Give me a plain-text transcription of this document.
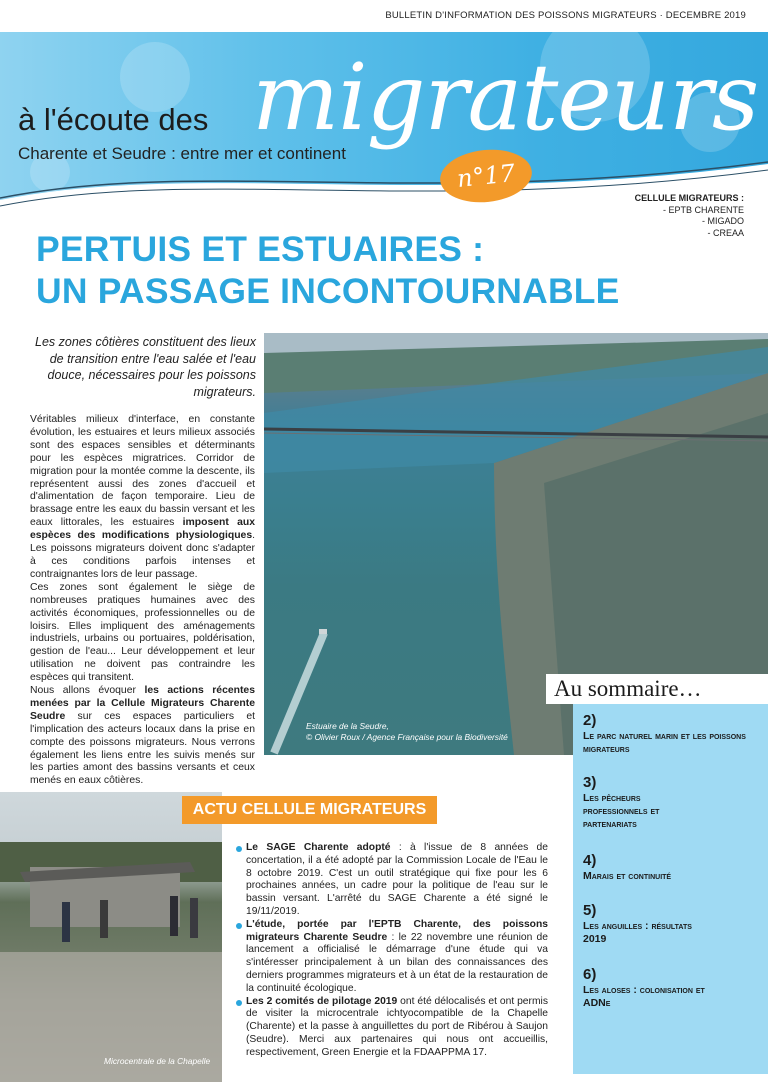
BULLETIN D'INFORMATION DES POISSONS MIGRATEURS · DECEMBRE 2019
à l'écoute des migrateurs
Charente et Seudre : entre mer et continent
n°17
CELLULE MIGRATEURS :
- EPTB CHARENTE
- MIGADO
- CREAA
PERTUIS ET ESTUAIRES :
UN PASSAGE INCONTOURNABLE
Les zones côtières constituent des lieux de transition entre l'eau salée et l'eau douce, nécessaires pour les poissons migrateurs.

Véritables milieux d'interface, en constante évolution, les estuaires et leurs milieux associés sont des espaces sensibles et déterminants pour les espèces migratrices. Corridor de migration pour la montée comme la descente, ils représentent aussi des zones d'accueil et d'alimentation de façon temporaire. Lieu de brassage entre les eaux du bassin versant et les eaux littorales, les estuaires imposent aux espèces des modifications physiologiques. Les poissons migrateurs doivent donc s'adapter à ces conditions parfois intenses et contraignantes lors de leur passage.

Ces zones sont également le siège de nombreuses pratiques humaines avec des activités économiques, professionnelles ou de loisirs. Elles impliquent des aménagements industriels, urbains ou portuaires, poldérisation, gestion de l'eau... Leur développement et leur utilisation ne doivent pas contraindre les espèces qui transitent.

Nous allons évoquer les actions récentes menées par la Cellule Migrateurs Charente Seudre sur ces espaces particuliers et l'implication des acteurs locaux dans la prise en compte des poissons migrateurs. Nous verrons également les liens entre les suivis menés sur les parties amont des bassins versants et ceux menés en eaux côtières.

Estuaire de la Seudre,
© Olivier Roux / Agence Française pour la Biodiversité
Au sommaire…
2)
Le parc naturel marin et les poissons migrateurs
3)
Les pêcheurs professionnels et partenariats
4)
Marais et continuité
5)
Les anguilles : résultats 2019
6)
Les aloses : colonisation et ADNe
Microcentrale de la Chapelle
ACTU CELLULE MIGRATEURS

Le SAGE Charente adopté : à l'issue de 8 années de concertation, il a été adopté par la Commission Locale de l'Eau le 8 octobre 2019. C'est un outil stratégique qui fixe pour les 6 prochaines années, un cadre pour la politique de l'eau sur le bassin versant. L'arrêté du SAGE Charente a été signé le 19/11/2019.

L'étude, portée par l'EPTB Charente, des poissons migrateurs Charente Seudre : le 22 novembre une réunion de lancement a officialisé le démarrage d'une étude qui va s'intéresser principalement à un bilan des connaissances des derniers programmes migrateurs et à un état de la restauration de la continuité écologique.

Les 2 comités de pilotage 2019 ont été délocalisés et ont permis de visiter la microcentrale ichtyocompatible de la Chapelle (Charente) et la passe à anguillettes du port de Ribérou à Saujon (Seudre). Merci aux partenaires qui nous ont accueillis, respectivement, Green Energie et la FDAAPPMA 17.
